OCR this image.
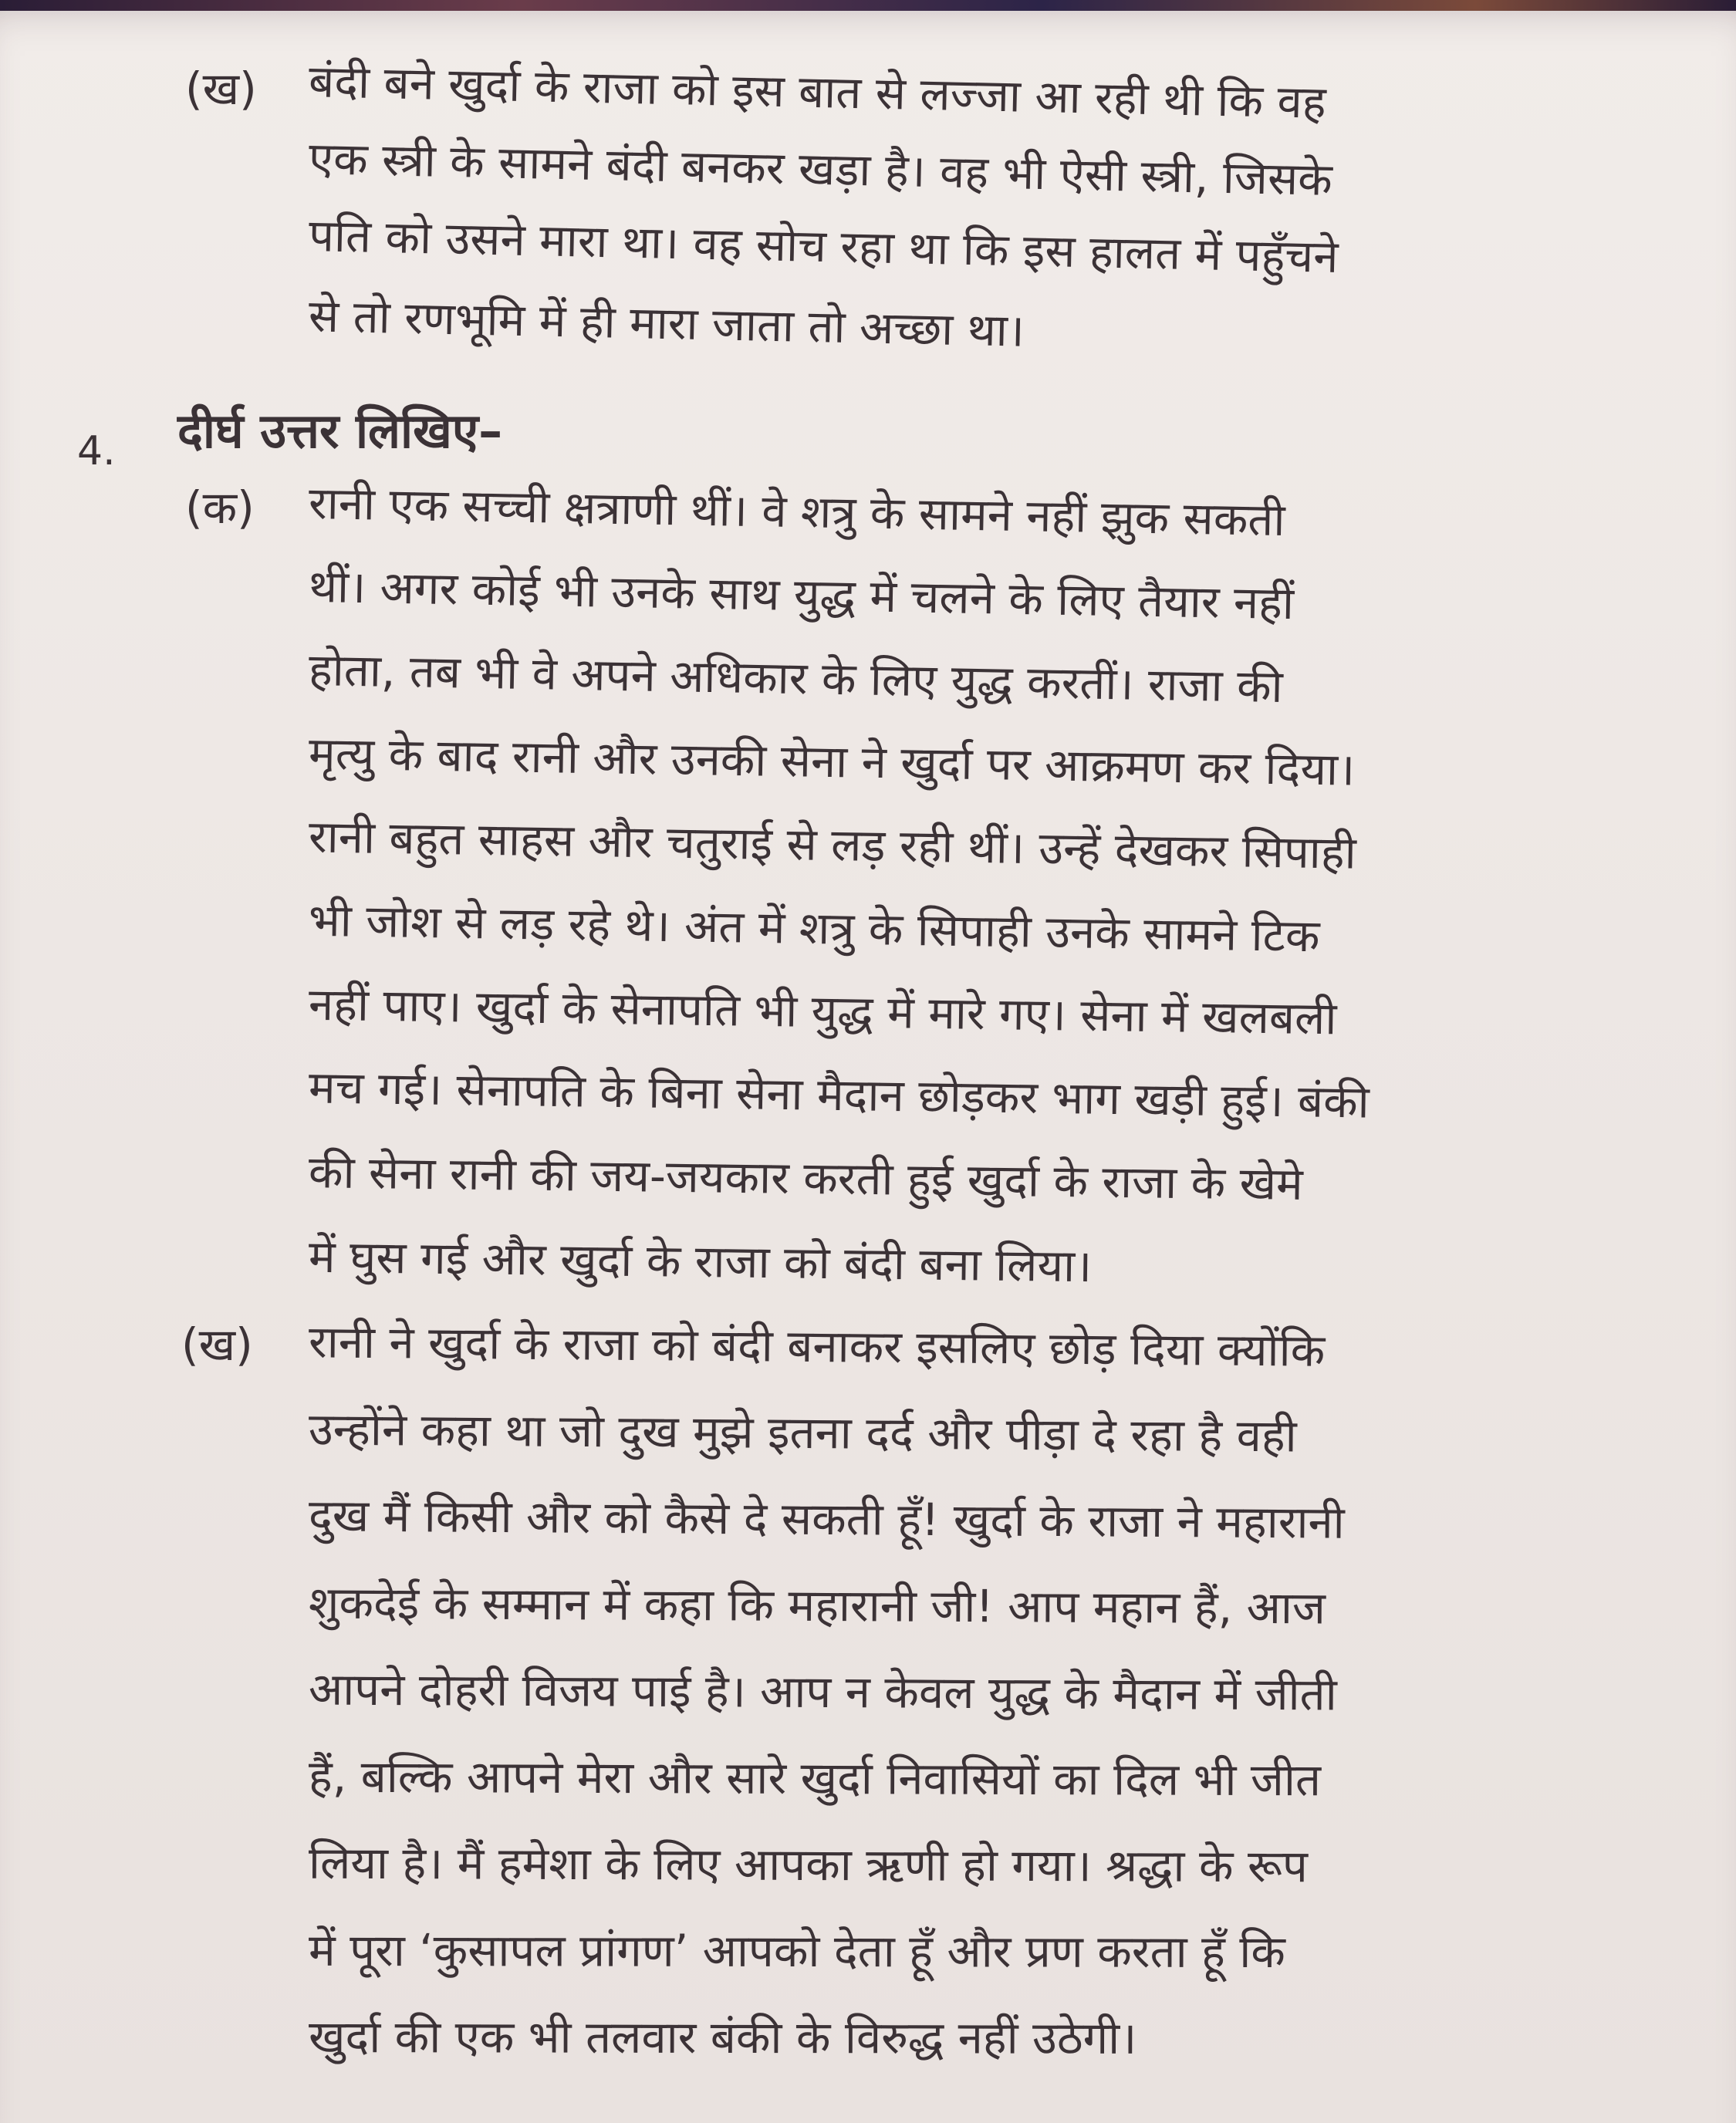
(ख) बंदी बने खुर्दा के राजा को इस बात से लज्जा आ रही थी कि वह
एक स्त्री के सामने बंदी बनकर खड़ा है। वह भी ऐसी स्त्री, जिसके
पति को उसने मारा था। वह सोच रहा था कि इस हालत में पहुँचने
से तो रणभूमि में ही मारा जाता तो अच्छा था।
4. दीर्घ उत्तर लिखिए–
(क) रानी एक सच्ची क्षत्राणी थीं। वे शत्रु के सामने नहीं झुक सकती
थीं। अगर कोई भी उनके साथ युद्ध में चलने के लिए तैयार नहीं
होता, तब भी वे अपने अधिकार के लिए युद्ध करतीं। राजा की
मृत्यु के बाद रानी और उनकी सेना ने खुर्दा पर आक्रमण कर दिया।
रानी बहुत साहस और चतुराई से लड़ रही थीं। उन्हें देखकर सिपाही
भी जोश से लड़ रहे थे। अंत में शत्रु के सिपाही उनके सामने टिक
नहीं पाए। खुर्दा के सेनापति भी युद्ध में मारे गए। सेना में खलबली
मच गई। सेनापति के बिना सेना मैदान छोड़कर भाग खड़ी हुई। बंकी
की सेना रानी की जय-जयकार करती हुई खुर्दा के राजा के खेमे
में घुस गई और खुर्दा के राजा को बंदी बना लिया।
(ख) रानी ने खुर्दा के राजा को बंदी बनाकर इसलिए छोड़ दिया क्योंकि
उन्होंने कहा था जो दुख मुझे इतना दर्द और पीड़ा दे रहा है वही
दुख मैं किसी और को कैसे दे सकती हूँ! खुर्दा के राजा ने महारानी
शुकदेई के सम्मान में कहा कि महारानी जी! आप महान हैं, आज
आपने दोहरी विजय पाई है। आप न केवल युद्ध के मैदान में जीती
हैं, बल्कि आपने मेरा और सारे खुर्दा निवासियों का दिल भी जीत
लिया है। मैं हमेशा के लिए आपका ऋणी हो गया। श्रद्धा के रूप
में पूरा ‘कुसापल प्रांगण’ आपको देता हूँ और प्रण करता हूँ कि
खुर्दा की एक भी तलवार बंकी के विरुद्ध नहीं उठेगी।
